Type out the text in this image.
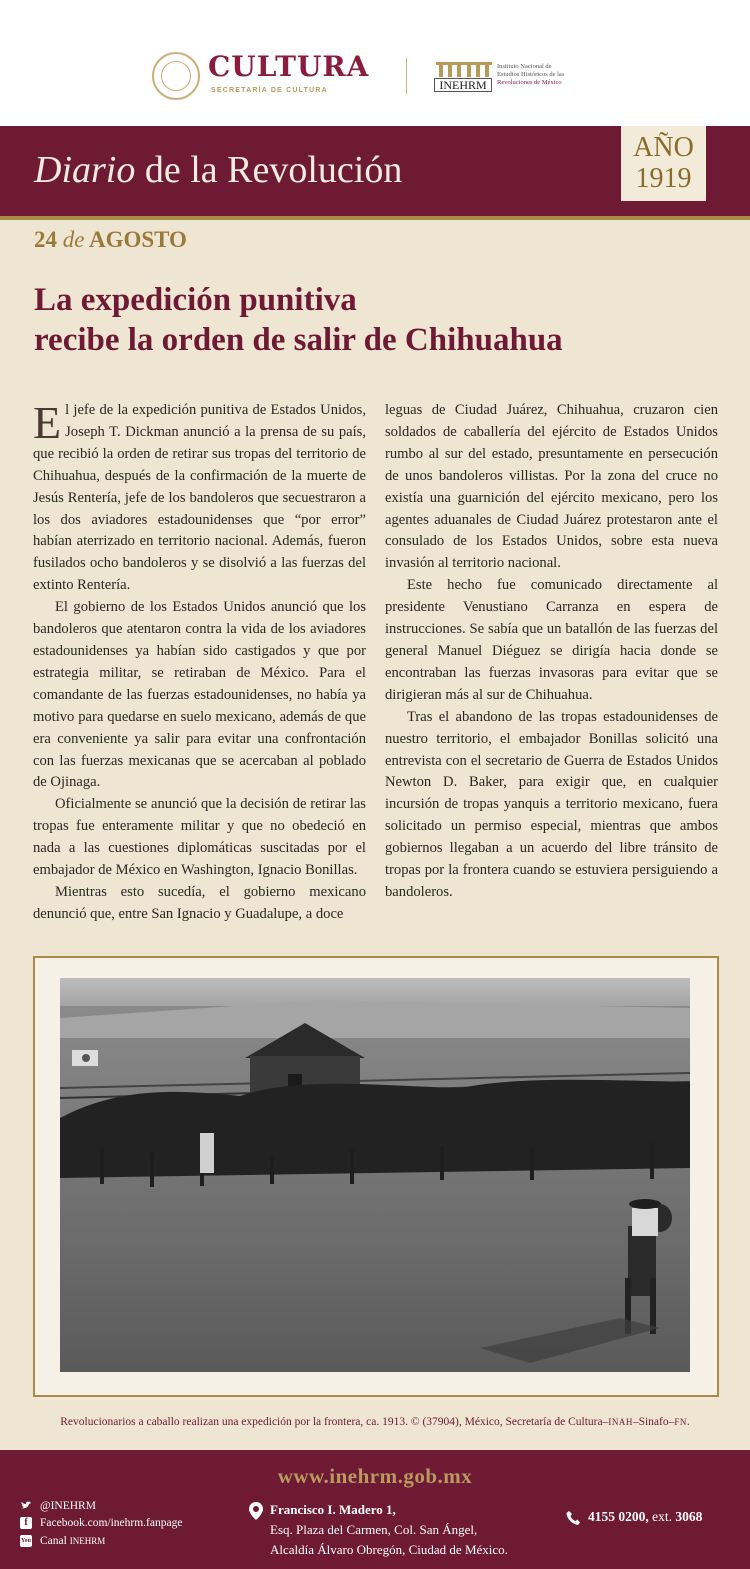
CULTURA
SECRETARÍA DE CULTURA	INEHRM
Instituto Nacional de
Estudios Históricos de las
Revoluciones de México
Diario de la Revolución
AÑO
1919
24 de AGOSTO
La expedición punitiva
recibe la orden de salir de Chihuahua

El jefe de la expedición punitiva de Estados Unidos, Joseph T. Dickman anunció a la prensa de su país, que recibió la orden de retirar sus tropas del territorio de Chihuahua, después de la confirmación de la muerte de Jesús Rentería, jefe de los bandoleros que secuestraron a los dos aviadores estadounidenses que “por error” habían aterrizado en territorio nacional. Además, fueron fusilados ocho bandoleros y se disolvió a las fuerzas del extinto Rentería.

El gobierno de los Estados Unidos anunció que los bandoleros que atentaron contra la vida de los aviadores estadounidenses ya habían sido castigados y que por estrategia militar, se retiraban de México. Para el comandante de las fuerzas estadounidenses, no había ya motivo para quedarse en suelo mexicano, además de que era conveniente ya salir para evitar una confrontación con las fuerzas mexicanas que se acercaban al poblado de Ojinaga.

Oficialmente se anunció que la decisión de retirar las tropas fue enteramente militar y que no obedeció en nada a las cuestiones diplomáticas suscitadas por el embajador de México en Washington, Ignacio Bonillas.

Mientras esto sucedía, el gobierno mexicano denunció que, entre San Ignacio y Guadalupe, a doce

leguas de Ciudad Juárez, Chihuahua, cruzaron cien soldados de caballería del ejército de Estados Unidos rumbo al sur del estado, presuntamente en persecución de unos bandoleros villistas. Por la zona del cruce no existía una guarnición del ejército mexicano, pero los agentes aduanales de Ciudad Juárez protestaron ante el consulado de los Estados Unidos, sobre esta nueva invasión al territorio nacional.

Este hecho fue comunicado directamente al presidente Venustiano Carranza en espera de instrucciones. Se sabía que un batallón de las fuerzas del general Manuel Diéguez se dirigía hacia donde se encontraban las fuerzas invasoras para evitar que se dirigieran más al sur de Chihuahua.

Tras el abandono de las tropas estadounidenses de nuestro territorio, el embajador Bonillas solicitó una entrevista con el secretario de Guerra de Estados Unidos Newton D. Baker, para exigir que, en cualquier incursión de tropas yanquis a territorio mexicano, fuera solicitado un permiso especial, mientras que ambos gobiernos llegaban a un acuerdo del libre tránsito de tropas por la frontera cuando se estuviera persiguiendo a bandoleros.

Revolucionarios a caballo realizan una expedición por la frontera, ca. 1913. © (37904), México, Secretaría de Cultura–INAH–Sinafo–FN.
www.inehrm.gob.mx
@INEHRM
f	Facebook.com/inehrm.fanpage
You Tube
Canal INEHRM
Francisco I. Madero 1,
Esq. Plaza del Carmen, Col. San Ángel,
Alcaldía Álvaro Obregón, Ciudad de México.
4155 0200, ext. 3068
